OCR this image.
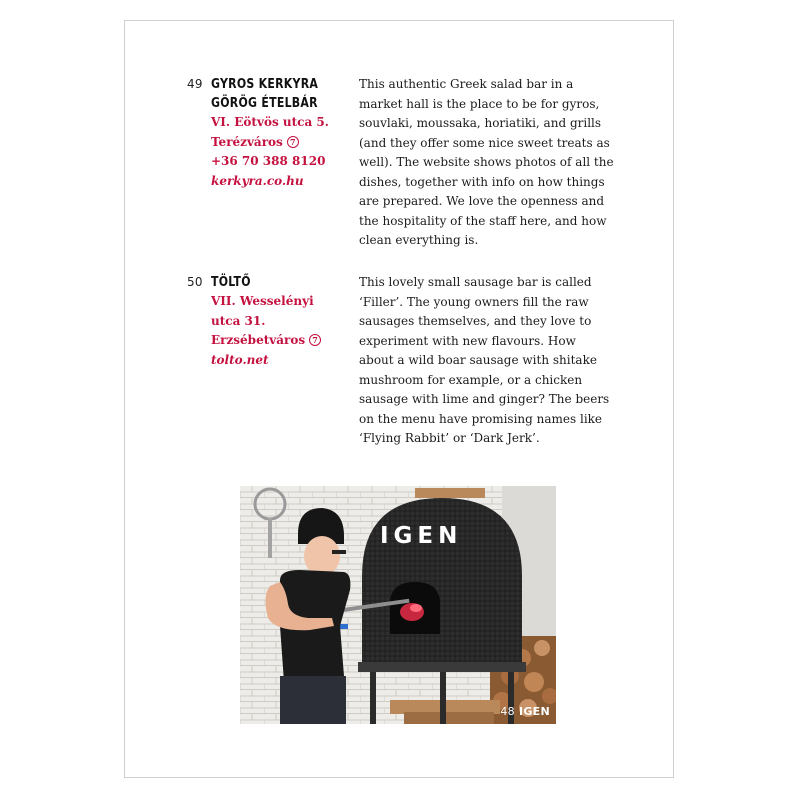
49 GYROS KERKYRA
GÖRÖG ÉTELBÁR
VI. Eötvös utca 5.
Terézváros 7
+36 70 388 8120
kerkyra.co.hu

This authentic Greek salad bar in a
market hall is the place to be for gyros,
souvlaki, moussaka, horiatiki, and grills
(and they offer some nice sweet treats as
well). The website shows photos of all the
dishes, together with info on how things
are prepared. We love the openness and
the hospitality of the staff here, and how
clean everything is.

50 TÖLTŐ
VII. Wesselényi
utca 31.
Erzsébetváros 7
tolto.net

This lovely small sausage bar is called
‘Filler’. The young owners fill the raw
sausages themselves, and they love to
experiment with new flavours. How
about a wild boar sausage with shitake
mushroom for example, or a chicken
sausage with lime and ginger? The beers
on the menu have promising names like
‘Flying Rabbit’ or ‘Dark Jerk’.

IGEN
48 IGEN
